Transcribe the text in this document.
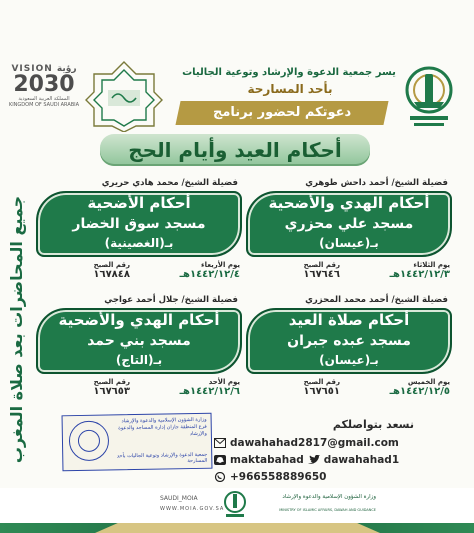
VISION رؤية
2030
المملكة العربية السعودية
KINGDOM OF SAUDI ARABIA
يسر جمعية الدعوة والإرشاد وتوعية الجاليات
بأحد المسارحة
دعوتكم لحضور برنامج
أحكام العيد وأيام الحج
جميع المحاضرات بعد صلاة المغرب
فضيلة الشيخ/ أحمد داحش طوهري
أحكام الهدي والأضحية
مسجد علي محزري
بـ(عيسان)
يوم الثلاثاء
١٤٤٢/١٢/٣هـ
رقم الصبح
١٦٧٦٤٦
فضيلة الشيخ/ محمد هادي حريري
أحكام الأضحية
مسجد سوق الخضار
بـ(الغصينية)
يوم الأربعاء
١٤٤٢/١٢/٤هـ
رقم الصبح
١٦٧٨٤٨
فضيلة الشيخ/ أحمد محمد المحزري
أحكام صلاة العيد
مسجد عبده جبران
بـ(عيسان)
يوم الخميس
١٤٤٢/١٢/٥هـ
رقم الصبح
١٦٧٦٥١
فضيلة الشيخ/ جلال أحمد عواجي
أحكام الهدي والأضحية
مسجد بني حمد
بـ(التاج)
يوم الأحد
١٤٤٢/١٢/٦هـ
رقم الصبح
١٦٧٦٥٣
وزارة الشؤون الإسلامية والدعوة والإرشاد فرع المنطقة جازان إدارة المساجد والدعوة والإرشاد
جمعية الدعوة والإرشاد وتوعية الجاليات بأحد المسارحة
نسعد بتواصلكم
dawahahad2817@gmail.com
maktabahad dawahahad1
+966558889650
SAUDI_MOIA
WWW.MOIA.GOV.SA
وزارة الشؤون الإسلامية والدعوة والإرشاد
MINISTRY OF ISLAMIC AFFAIRS, DAWAH AND GUIDANCE
